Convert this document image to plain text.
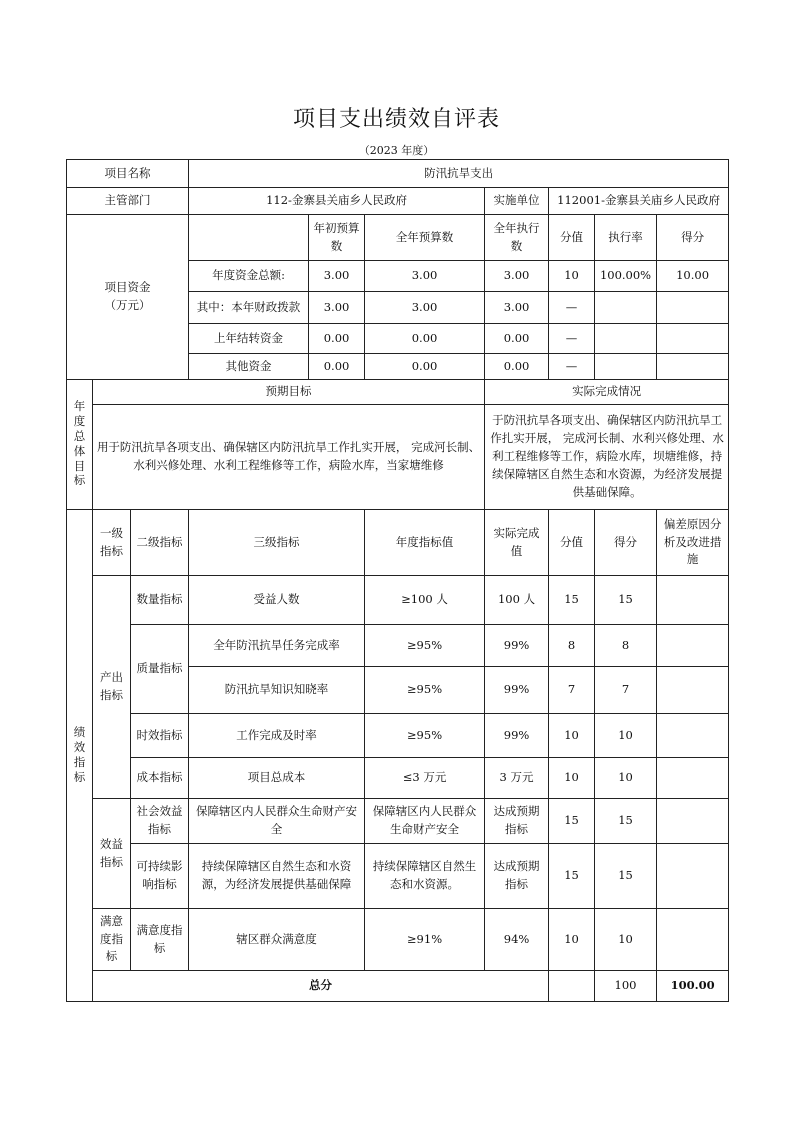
项目支出绩效自评表
（2023 年度）
项目名称			防汛抗旱支出							
主管部门			112-金寨县关庙乡人民政府			实施单位	112001-金寨县关庙乡人民政府			
项目资金
（万元）				年初预算数	全年预算数	全年执行数	分值	执行率	得分	
			年度资金总额:	3.00	3.00	3.00	10	100.00%	10.00	
			其中：本年财政拨款	3.00	3.00	3.00	—			
			上年结转资金	0.00	0.00	0.00	—			
			其他资金	0.00	0.00	0.00	—			
年度总体目标	预期目标					实际完成情况				
	用于防汛抗旱各项支出、确保辖区内防汛抗旱工作扎实开展， 完成河长制、水利兴修处理、水利工程维修等工作，病险水库，当家塘维修					于防汛抗旱各项支出、确保辖区内防汛抗旱工作扎实开展， 完成河长制、水利兴修处理、水利工程维修等工作，病险水库，坝塘维修，持续保障辖区自然生态和水资源，为经济发展提供基础保障。				
绩效指标	一级指标	二级指标	三级指标		年度指标值	实际完成值	分值	得分	偏差原因分析及改进措施	
	产出指标	数量指标	受益人数		≥100 人	100 人	15	15		
		质量指标	全年防汛抗旱任务完成率		≥95%	99%	8	8		
			防汛抗旱知识知晓率		≥95%	99%	7	7		
		时效指标	工作完成及时率		≥95%	99%	10	10		
		成本指标	项目总成本		≤3 万元	3 万元	10	10		
	效益指标	社会效益指标	保障辖区内人民群众生命财产安全		保障辖区内人民群众生命财产安全	达成预期指标	15	15		
		可持续影响指标	持续保障辖区自然生态和水资源，为经济发展提供基础保障		持续保障辖区自然生态和水资源。	达成预期指标	15	15		
	满意度指标	满意度指标	辖区群众满意度		≥91%	94%	10	10		
	总分							100	100.00	
